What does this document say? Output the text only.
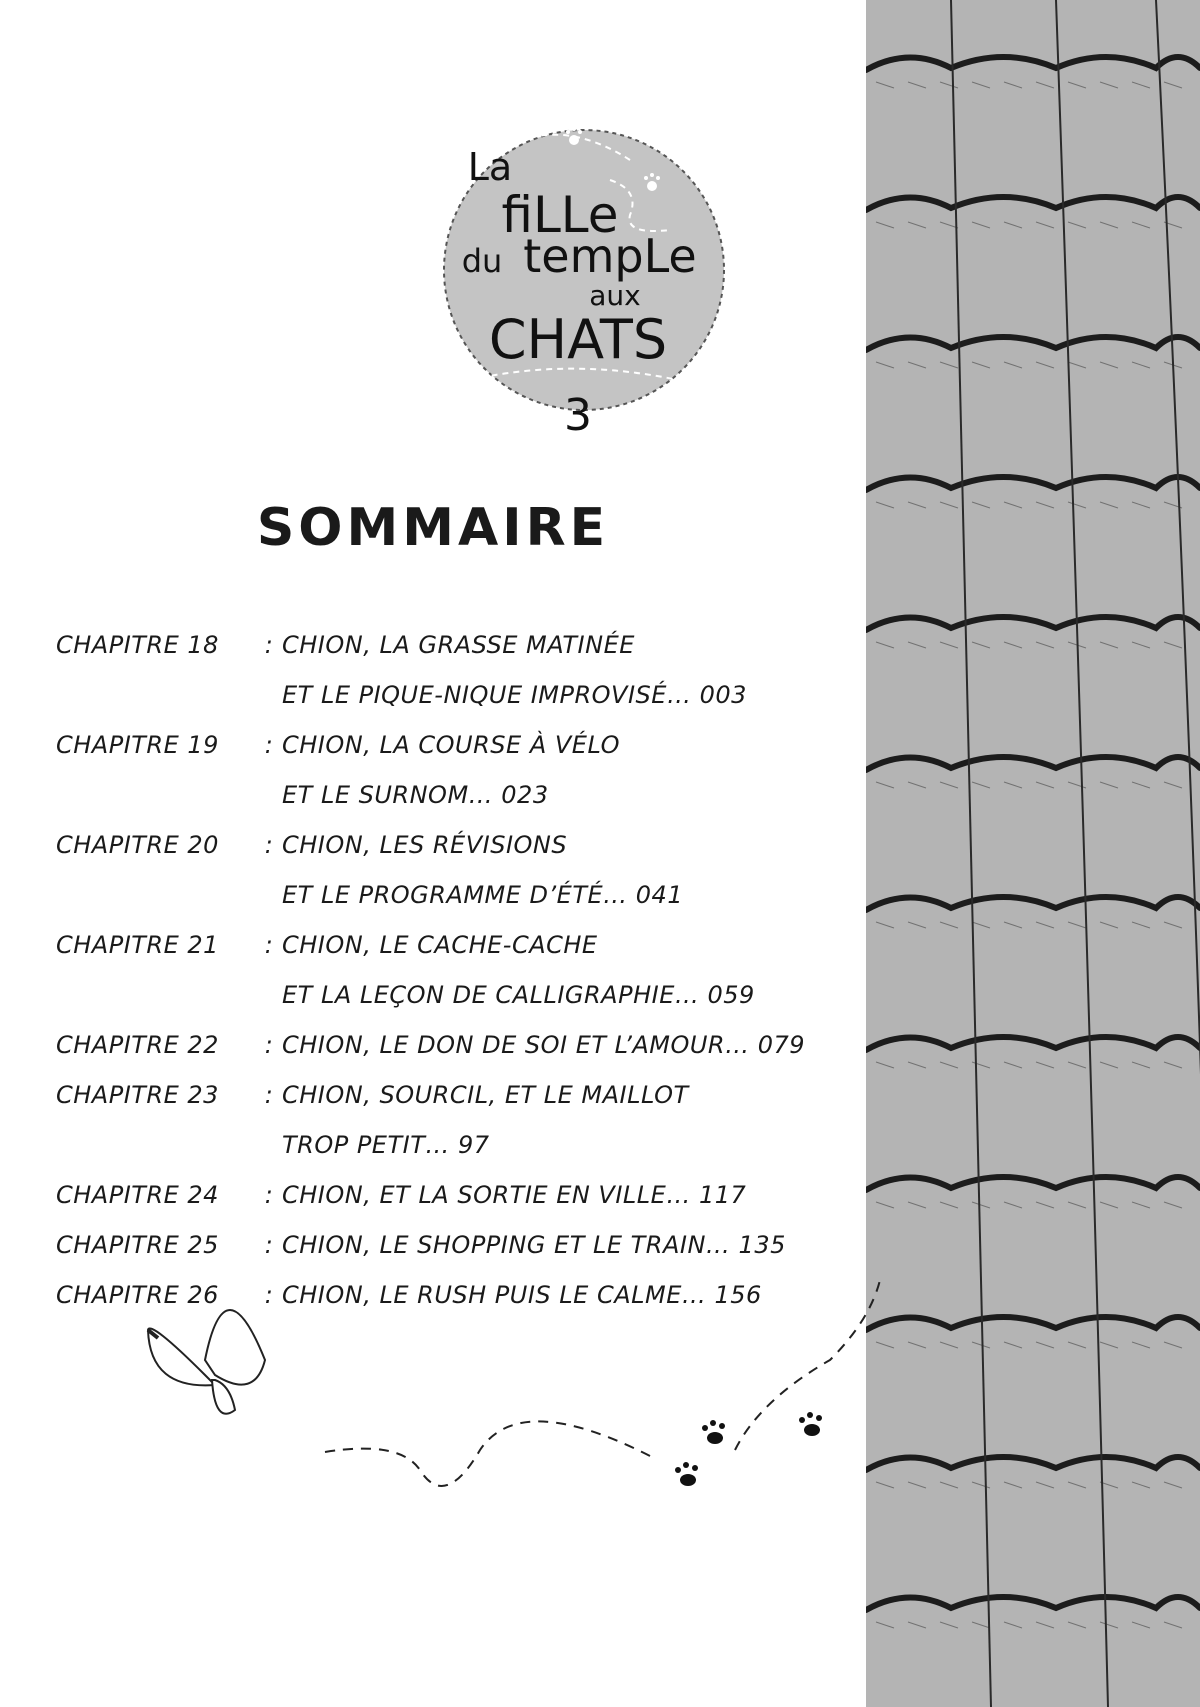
La
fiLLe
du tempLe
aux
CHATS
3
SOMMAIRE
CHAPITRE 18	: CHION, LA GRASSE MATINÉE
ET LE PIQUE-NIQUE IMPROVISÉ… 003
CHAPITRE 19	: CHION, LA COURSE À VÉLO
ET LE SURNOM… 023
CHAPITRE 20	: CHION, LES RÉVISIONS
ET LE PROGRAMME D’ÉTÉ… 041
CHAPITRE 21	: CHION, LE CACHE-CACHE
ET LA LEÇON DE CALLIGRAPHIE… 059
CHAPITRE 22	: CHION, LE DON DE SOI ET L’AMOUR… 079
CHAPITRE 23	: CHION, SOURCIL, ET LE MAILLOT
TROP PETIT… 97
CHAPITRE 24	: CHION, ET LA SORTIE EN VILLE… 117
CHAPITRE 25	: CHION, LE SHOPPING ET LE TRAIN… 135
CHAPITRE 26	: CHION, LE RUSH PUIS LE CALME… 156
